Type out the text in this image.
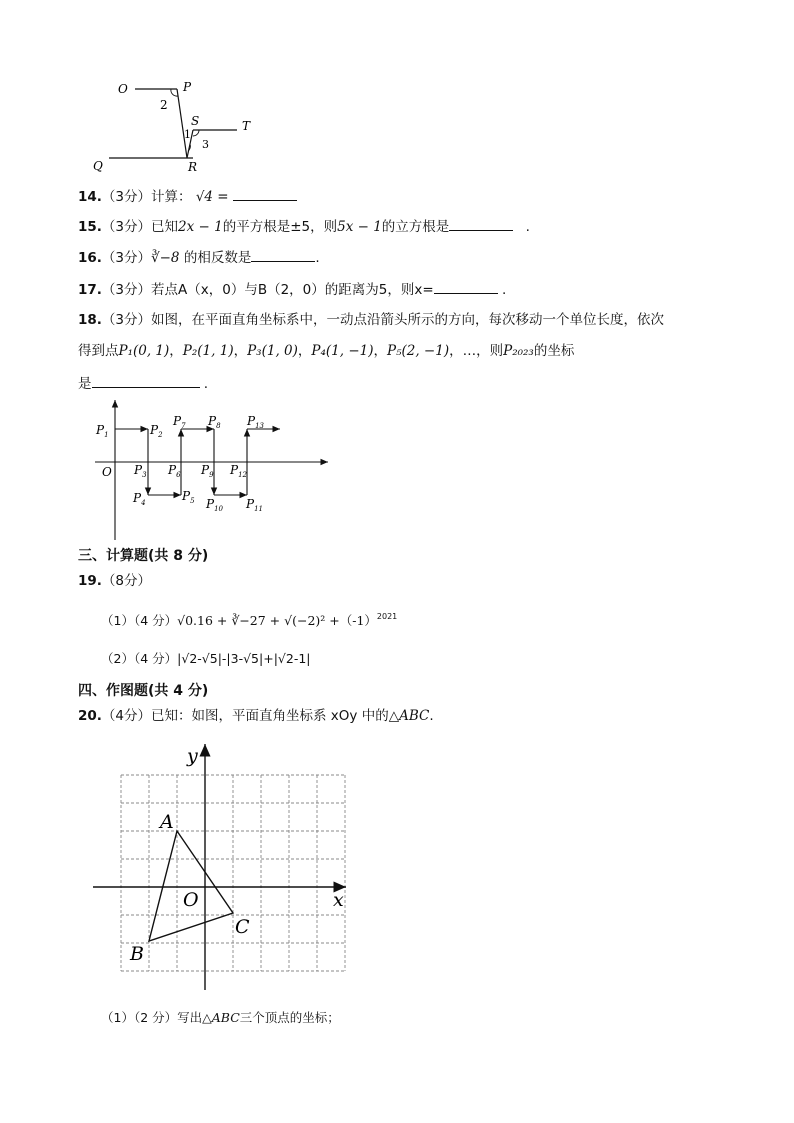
O	P
2
S	T
1
3
Q	R
14.（3分）计算： √4 =
15.（3分）已知2x − 1的平方根是±5，则5x − 1的立方根是	.
16.（3分）∛−8 的相反数是	.
17.（3分）若点A（x，0）与B（2，0）的距离为5，则x=	.
18.（3分）如图，在平面直角坐标系中，一动点沿箭头所示的方向，每次移动一个单位长度，依次
得到点P₁(0, 1)，P₂(1, 1)，P₃(1, 0)，P₄(1, −1)，P₅(2, −1)，…，则P₂₀₂₃的坐标
是	.
$P_1$	$P_2$
$P_7$ $P_8$ $P_{13}$
O $P_3$ $P_6$ $P_9$ $P_{12}$
$P_4$	$P_5$ $P_{10}$ $P_{11}$
三、计算题(共 8 分)
19.（8分）
（1）（4 分）√0.16 + ∛−27 + $√(-2)^2 +(-1)^{2021}$
（2）（4 分）|√2-√5|-|3-√5|+|√2-1|
四、作图题(共 4 分)
20.（4分）已知：如图，平面直角坐标系 xOy 中的△ABC.
y
x
O
A
B
C
（1）（2 分）写出△ABC三个顶点的坐标；
